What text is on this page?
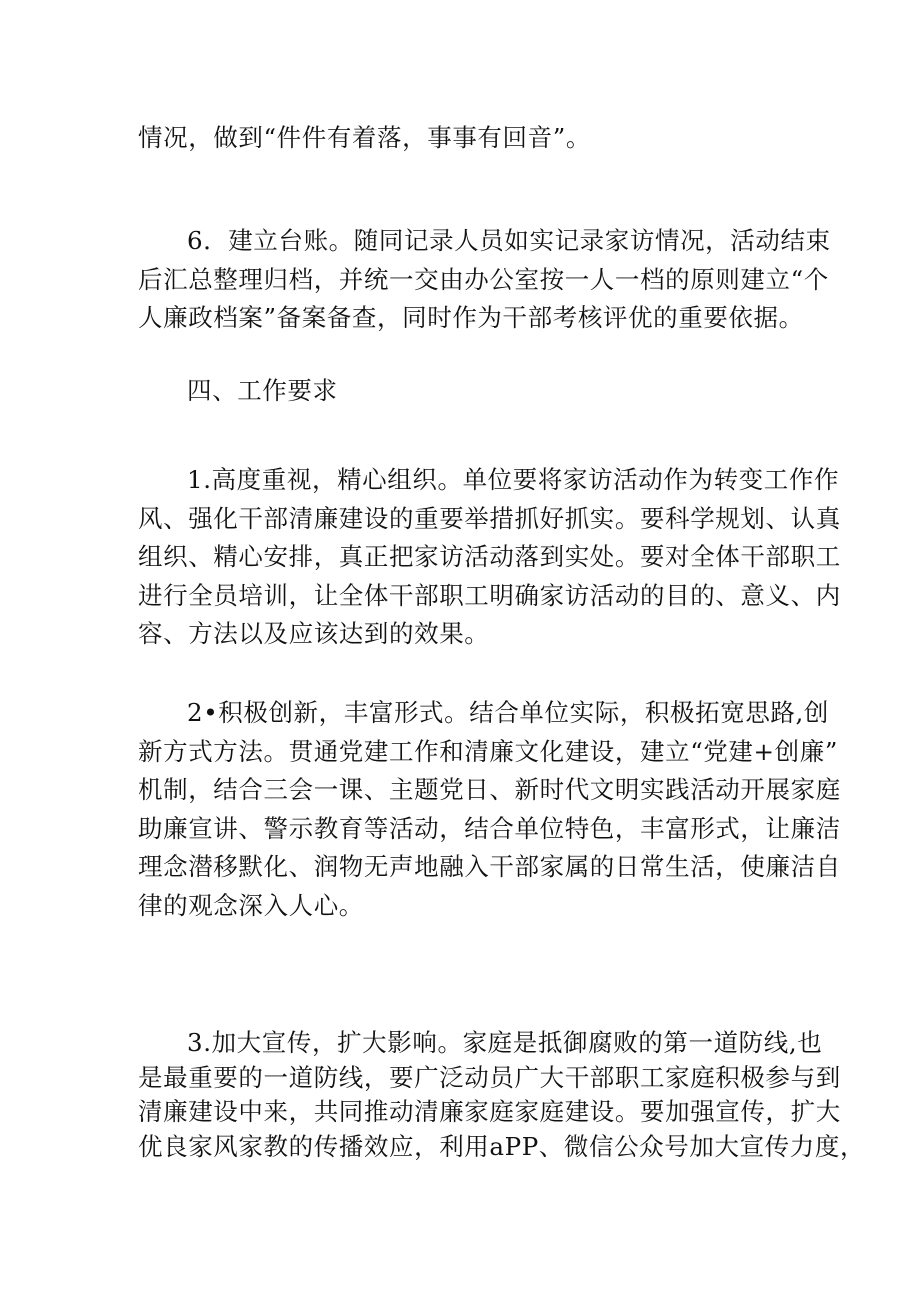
情况，做到“件件有着落，事事有回音”。

6．建立台账。随同记录人员如实记录家访情况，活动结束
后汇总整理归档，并统一交由办公室按一人一档的原则建立“个
人廉政档案”备案备查，同时作为干部考核评优的重要依据。

四、工作要求

1.高度重视，精心组织。单位要将家访活动作为转变工作作
风、强化干部清廉建设的重要举措抓好抓实。要科学规划、认真
组织、精心安排，真正把家访活动落到实处。要对全体干部职工
进行全员培训，让全体干部职工明确家访活动的目的、意义、内
容、方法以及应该达到的效果。

2•积极创新，丰富形式。结合单位实际，积极拓宽思路,创
新方式方法。贯通党建工作和清廉文化建设，建立“党建+创廉”
机制，结合三会一课、主题党日、新时代文明实践活动开展家庭
助廉宣讲、警示教育等活动，结合单位特色，丰富形式，让廉洁
理念潜移默化、润物无声地融入干部家属的日常生活，使廉洁自
律的观念深入人心。

3.加大宣传，扩大影响。家庭是抵御腐败的第一道防线,也
是最重要的一道防线，要广泛动员广大干部职工家庭积极参与到
清廉建设中来，共同推动清廉家庭家庭建设。要加强宣传，扩大
优良家风家教的传播效应，利用aPP、微信公众号加大宣传力度，
